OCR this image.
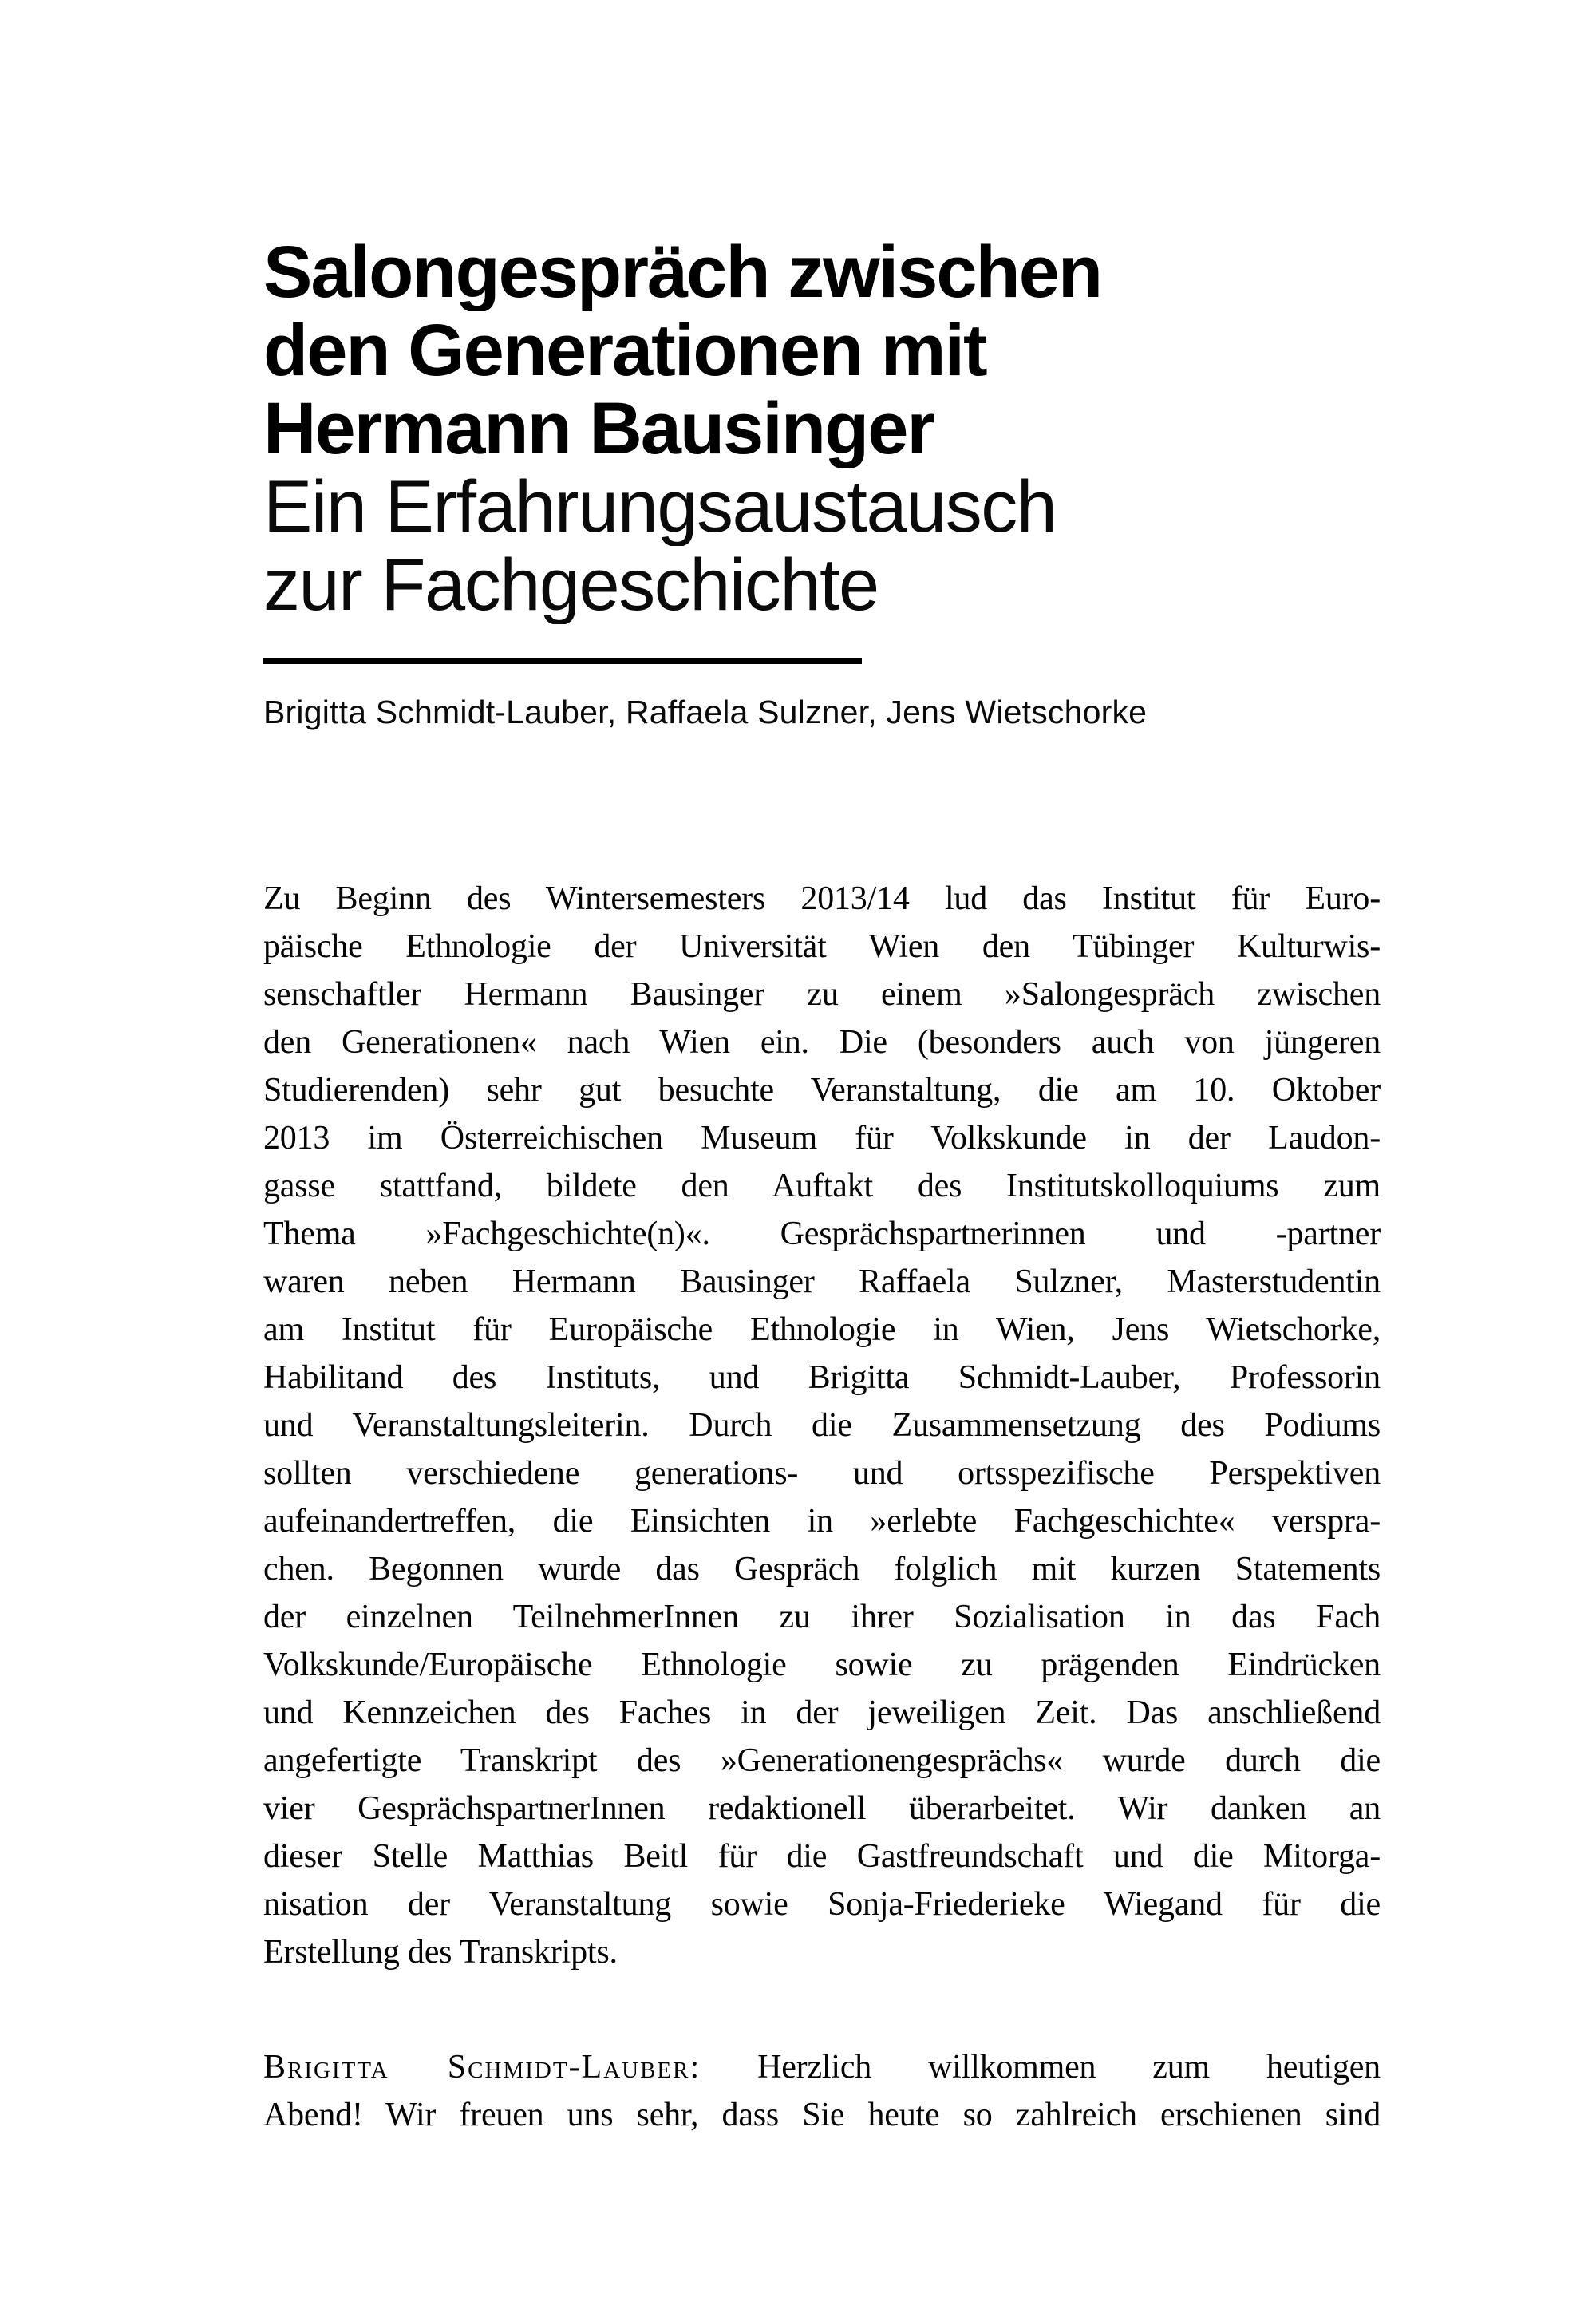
Salongespräch zwischen
den Generationen mit
Hermann Bausinger
Ein Erfahrungsaustausch
zur Fachgeschichte
Brigitta Schmidt-Lauber, Raffaela Sulzner, Jens Wietschorke
Zu Beginn des Wintersemesters 2013/14 lud das Institut für Euro-
päische Ethnologie der Universität Wien den Tübinger Kulturwis-
senschaftler Hermann Bausinger zu einem »Salongespräch zwischen
den Generationen« nach Wien ein. Die (besonders auch von jüngeren
Studierenden) sehr gut besuchte Veranstaltung, die am 10. Oktober
2013 im Österreichischen Museum für Volkskunde in der Laudon-
gasse stattfand, bildete den Auftakt des Institutskolloquiums zum
Thema »Fachgeschichte(n)«. Gesprächspartnerinnen und -partner
waren neben Hermann Bausinger Raffaela Sulzner, Masterstudentin
am Institut für Europäische Ethnologie in Wien, Jens Wietschorke,
Habilitand des Instituts, und Brigitta Schmidt-Lauber, Professorin
und Veranstaltungsleiterin. Durch die Zusammensetzung des Podiums
sollten verschiedene generations- und ortsspezifische Perspektiven
aufeinandertreffen, die Einsichten in »erlebte Fachgeschichte« verspra-
chen. Begonnen wurde das Gespräch folglich mit kurzen Statements
der einzelnen TeilnehmerInnen zu ihrer Sozialisation in das Fach
Volkskunde/Europäische Ethnologie sowie zu prägenden Eindrücken
und Kennzeichen des Faches in der jeweiligen Zeit. Das anschließend
angefertigte Transkript des »Generationengesprächs« wurde durch die
vier GesprächspartnerInnen redaktionell überarbeitet. Wir danken an
dieser Stelle Matthias Beitl für die Gastfreundschaft und die Mitorga-
nisation der Veranstaltung sowie Sonja-Friederieke Wiegand für die
Erstellung des Transkripts.
Brigitta Schmidt-Lauber: Herzlich willkommen zum heutigen
Abend! Wir freuen uns sehr, dass Sie heute so zahlreich erschienen sind
